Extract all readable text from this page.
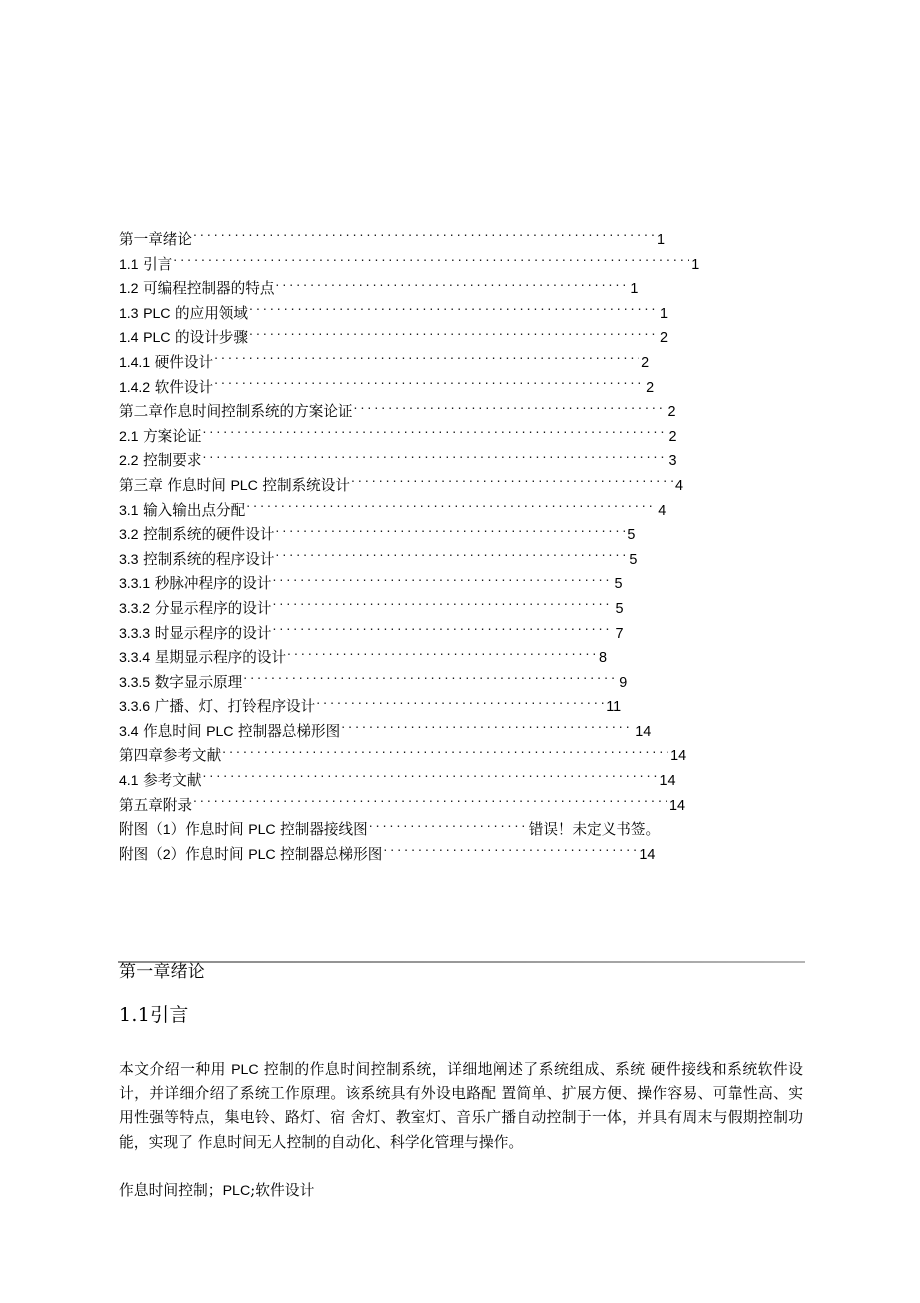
第一章绪论 .....	1
1.1 引言 .....	1
1.2 可编程控制器的特点 .....	1
1.3 PLC 的应用领域 .....	1
1.4 PLC 的设计步骤 .....	2
1.4.1 硬件设计 .....	2
1.4.2 软件设计 .....	2
第二章作息时间控制系统的方案论证 .....	2
2.1 方案论证 .....	2
2.2 控制要求 .....	3
第三章 作息时间 PLC 控制系统设计 .....	4
3.1 输入输出点分配 .....	4
3.2 控制系统的硬件设计 .....	5
3.3 控制系统的程序设计 .....	5
3.3.1 秒脉冲程序的设计 .....	5
3.3.2 分显示程序的设计 .....	5
3.3.3 时显示程序的设计 .....	7
3.3.4 星期显示程序的设计 .....	8
3.3.5 数字显示原理 .....	9
3.3.6 广播、灯、打铃程序设计 .....	11
3.4 作息时间 PLC 控制器总梯形图 .....	14
第四章参考文献 .....	14
4.1 参考文献 .....	14
第五章附录 .....	14
附图（1）作息时间 PLC 控制器接线图 .....	错误！未定义书签。
附图（2）作息时间 PLC 控制器总梯形图 .....	14
第一章绪论
1.1引言

本文介绍一种用 PLC 控制的作息时间控制系统，详细地阐述了系统组成、系统 硬件接线和系统软件设计，并详细介绍了系统工作原理。该系统具有外设电路配 置简单、扩展方便、操作容易、可靠性高、实用性强等特点，集电铃、路灯、宿 舍灯、教室灯、音乐广播自动控制于一体，并具有周末与假期控制功能，实现了 作息时间无人控制的自动化、科学化管理与操作。

作息时间控制；PLC;软件设计
